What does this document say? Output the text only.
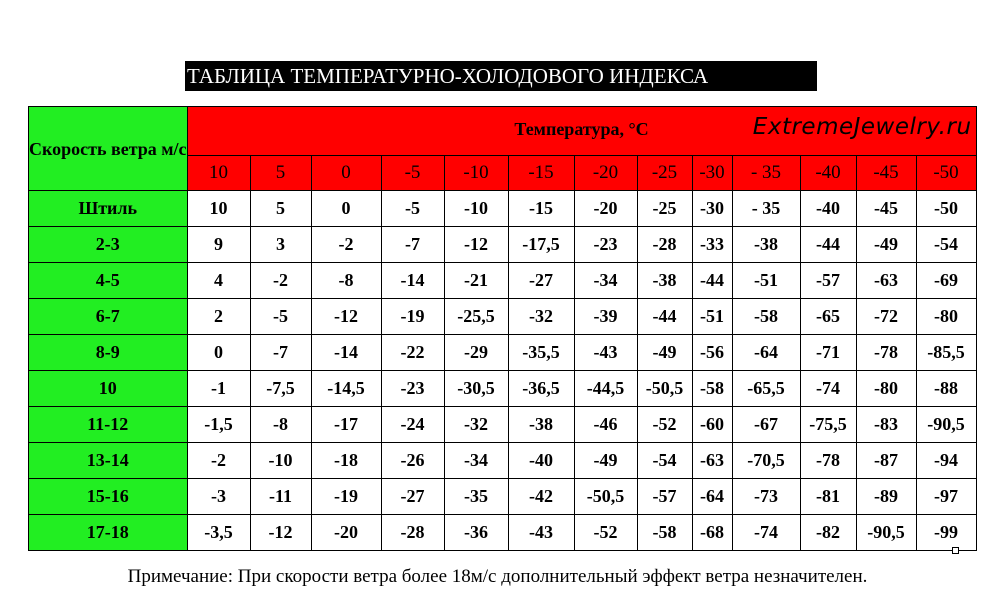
ТАБЛИЦА ТЕМПЕРАТУРНО-ХОЛОДОВОГО ИНДЕКСА
Скорость ветра м/с	Температура, °С ExtremeJewelry.ru												

	10	5	0	-5	-10	-15	-20	-25	-30	- 35	-40	-45	-50
Штиль	10	5	0	-5	-10	-15	-20	-25	-30	- 35	-40	-45	-50
2-3	9	3	-2	-7	-12	-17,5	-23	-28	-33	-38	-44	-49	-54
4-5	4	-2	-8	-14	-21	-27	-34	-38	-44	-51	-57	-63	-69
6-7	2	-5	-12	-19	-25,5	-32	-39	-44	-51	-58	-65	-72	-80
8-9	0	-7	-14	-22	-29	-35,5	-43	-49	-56	-64	-71	-78	-85,5
10	-1	-7,5	-14,5	-23	-30,5	-36,5	-44,5	-50,5	-58	-65,5	-74	-80	-88
11-12	-1,5	-8	-17	-24	-32	-38	-46	-52	-60	-67	-75,5	-83	-90,5
13-14	-2	-10	-18	-26	-34	-40	-49	-54	-63	-70,5	-78	-87	-94
15-16	-3	-11	-19	-27	-35	-42	-50,5	-57	-64	-73	-81	-89	-97
17-18	-3,5	-12	-20	-28	-36	-43	-52	-58	-68	-74	-82	-90,5	-99
Примечание: При скорости ветра более 18м/с дополнительный эффект ветра незначителен.
